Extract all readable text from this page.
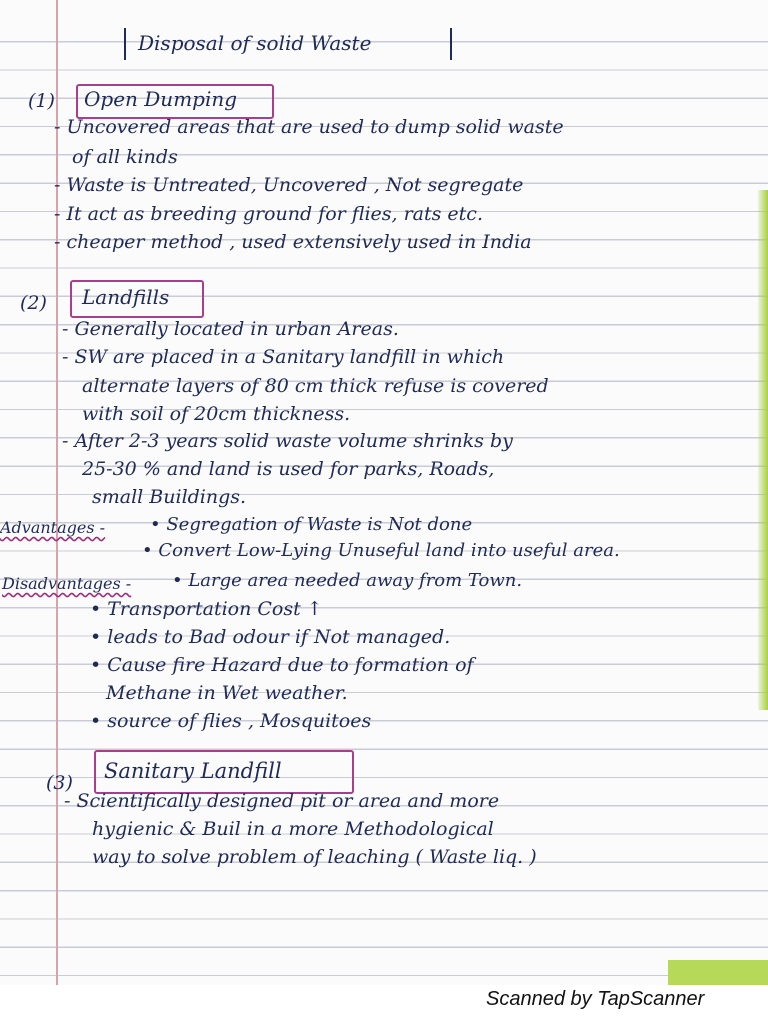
Disposal of solid Waste
(1) Open Dumping
- Uncovered areas that are used to dump solid waste
of all kinds
- Waste is Untreated, Uncovered , Not segregate
- It act as breeding ground for flies, rats etc.
- cheaper method , used extensively used in India
(2) Landfills
- Generally located in urban Areas.
- SW are placed in a Sanitary landfill in which
alternate layers of 80 cm thick refuse is covered
with soil of 20cm thickness.
- After 2-3 years solid waste volume shrinks by
25-30 % and land is used for parks, Roads,
small Buildings.
Advantages - • Segregation of Waste is Not done
• Convert Low-Lying Unuseful land into useful area.
Disadvantages - • Large area needed away from Town.
• Transportation Cost ↑
• leads to Bad odour if Not managed.
• Cause fire Hazard due to formation of
Methane in Wet weather.
• source of flies , Mosquitoes
(3) Sanitary Landfill
- Scientifically designed pit or area and more
hygienic & Buil in a more Methodological
way to solve problem of leaching ( Waste liq. )
Scanned by TapScanner
